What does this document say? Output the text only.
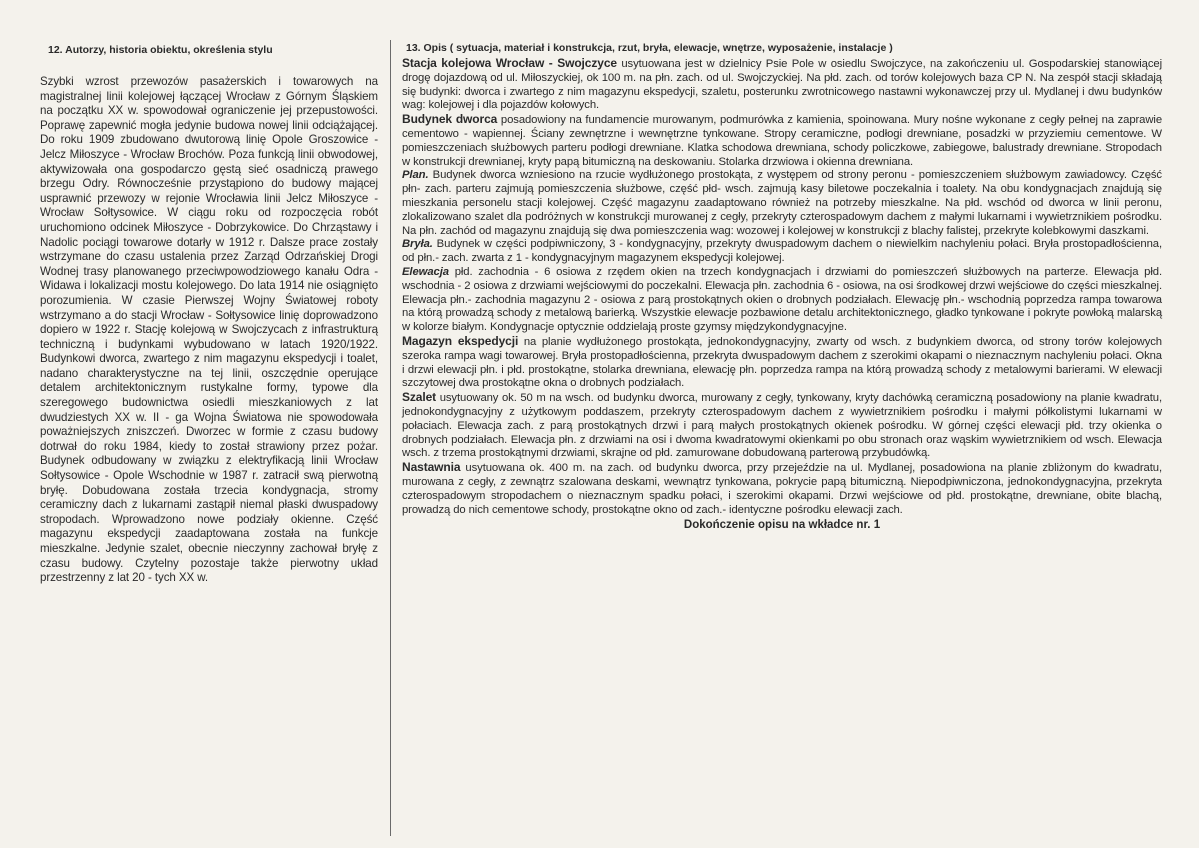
12. Autorzy, historia obiektu, określenia stylu

Szybki wzrost przewozów pasażerskich i towarowych na magistralnej linii kolejowej łączącej Wrocław z Górnym Śląskiem na początku XX w. spowodował ograniczenie jej przepustowości. Poprawę zapewnić mogła jedynie budowa nowej linii odciążającej. Do roku 1909 zbudowano dwutorową linię Opole Groszowice - Jelcz Miłoszyce - Wrocław Brochów. Poza funkcją linii obwodowej, aktywizowała ona gospodarczo gęstą sieć osadniczą prawego brzegu Odry. Równocześnie przystąpiono do budowy mającej usprawnić przewozy w rejonie Wrocławia linii Jelcz Miłoszyce - Wrocław Sołtysowice. W ciągu roku od rozpoczęcia robót uruchomiono odcinek Miłoszyce - Dobrzykowice. Do Chrząstawy i Nadolic pociągi towarowe dotarły w 1912 r. Dalsze prace zostały wstrzymane do czasu ustalenia przez Zarząd Odrzańskiej Drogi Wodnej trasy planowanego przeciwpowodziowego kanału Odra - Widawa i lokalizacji mostu kolejowego. Do lata 1914 nie osiągnięto porozumienia. W czasie Pierwszej Wojny Światowej roboty wstrzymano a do stacji Wrocław - Sołtysowice linię doprowadzono dopiero w 1922 r. Stację kolejową w Swojczycach z infrastrukturą techniczną i budynkami wybudowano w latach 1920/1922. Budynkowi dworca, zwartego z nim magazynu ekspedycji i toalet, nadano charakterystyczne na tej linii, oszczędnie operujące detalem architektonicznym rustykalne formy, typowe dla szeregowego budownictwa osiedli mieszkaniowych z lat dwudziestych XX w. II - ga Wojna Światowa nie spowodowała poważniejszych zniszczeń. Dworzec w formie z czasu budowy dotrwał do roku 1984, kiedy to został strawiony przez pożar. Budynek odbudowany w związku z elektryfikacją linii Wrocław Sołtysowice - Opole Wschodnie w 1987 r. zatracił swą pierwotną bryłę. Dobudowana została trzecia kondygnacja, stromy ceramiczny dach z lukarnami zastąpił niemal płaski dwuspadowy stropodach. Wprowadzono nowe podziały okienne. Część magazynu ekspedycji zaadaptowana została na funkcje mieszkalne. Jedynie szalet, obecnie nieczynny zachował bryłę z czasu budowy. Czytelny pozostaje także pierwotny układ przestrzenny z lat 20 - tych XX w.

13. Opis ( sytuacja, materiał i konstrukcja, rzut, bryła, elewacje, wnętrze, wyposażenie, instalacje )

Stacja kolejowa Wrocław - Swojczyce usytuowana jest w dzielnicy Psie Pole w osiedlu Swojczyce, na zakończeniu ul. Gospodarskiej stanowiącej drogę dojazdową od ul. Miłoszyckiej, ok 100 m. na płn. zach. od ul. Swojczyckiej. Na płd. zach. od torów kolejowych baza CP N. Na zespół stacji składają się budynki: dworca i zwartego z nim magazynu ekspedycji, szaletu, posterunku zwrotnicowego nastawni wykonawczej przy ul. Mydlanej i dwu budynków wag: kolejowej i dla pojazdów kołowych.

Budynek dworca posadowiony na fundamencie murowanym, podmurówka z kamienia, spoinowana. Mury nośne wykonane z cegły pełnej na zaprawie cementowo - wapiennej. Ściany zewnętrzne i wewnętrzne tynkowane. Stropy ceramiczne, podłogi drewniane, posadzki w przyziemiu cementowe. W pomieszczeniach służbowych parteru podłogi drewniane. Klatka schodowa drewniana, schody policzkowe, zabiegowe, balustrady drewniane. Stropodach w konstrukcji drewnianej, kryty papą bitumiczną na deskowaniu. Stolarka drzwiowa i okienna drewniana.

Plan. Budynek dworca wzniesiono na rzucie wydłużonego prostokąta, z występem od strony peronu - pomieszczeniem służbowym zawiadowcy. Część płn- zach. parteru zajmują pomieszczenia służbowe, część płd- wsch. zajmują kasy biletowe poczekalnia i toalety. Na obu kondygnacjach znajdują się mieszkania personelu stacji kolejowej. Część magazynu zaadaptowano również na potrzeby mieszkalne. Na płd. wschód od dworca w linii peronu, zlokalizowano szalet dla podróżnych w konstrukcji murowanej z cegły, przekryty czterospadowym dachem z małymi lukarnami i wywietrznikiem pośrodku. Na płn. zachód od magazynu znajdują się dwa pomieszczenia wag: wozowej i kolejowej w konstrukcji z blachy falistej, przekryte kolebkowymi daszkami.

Bryła. Budynek w części podpiwniczony, 3 - kondygnacyjny, przekryty dwuspadowym dachem o niewielkim nachyleniu połaci. Bryła prostopadłościenna, od płn.- zach. zwarta z 1 - kondygnacyjnym magazynem ekspedycji kolejowej.

Elewacja płd. zachodnia - 6 osiowa z rzędem okien na trzech kondygnacjach i drzwiami do pomieszczeń służbowych na parterze. Elewacja płd. wschodnia - 2 osiowa z drzwiami wejściowymi do poczekalni. Elewacja płn. zachodnia 6 - osiowa, na osi środkowej drzwi wejściowe do części mieszkalnej. Elewacja płn.- zachodnia magazynu 2 - osiowa z parą prostokątnych okien o drobnych podziałach. Elewację płn.- wschodnią poprzedza rampa towarowa na którą prowadzą schody z metalową barierką. Wszystkie elewacje pozbawione detalu architektonicznego, gładko tynkowane i pokryte powłoką malarską w kolorze białym. Kondygnacje optycznie oddzielają proste gzymsy międzykondygnacyjne.

Magazyn ekspedycji na planie wydłużonego prostokąta, jednokondygnacyjny, zwarty od wsch. z budynkiem dworca, od strony torów kolejowych szeroka rampa wagi towarowej. Bryła prostopadłościenna, przekryta dwuspadowym dachem z szerokimi okapami o nieznacznym nachyleniu połaci. Okna i drzwi elewacji płn. i płd. prostokątne, stolarka drewniana, elewację płn. poprzedza rampa na którą prowadzą schody z metalowymi barierami. W elewacji szczytowej dwa prostokątne okna o drobnych podziałach.

Szalet usytuowany ok. 50 m na wsch. od budynku dworca, murowany z cegły, tynkowany, kryty dachówką ceramiczną posadowiony na planie kwadratu, jednokondygnacyjny z użytkowym poddaszem, przekryty czterospadowym dachem z wywietrznikiem pośrodku i małymi półkolistymi lukarnami w połaciach. Elewacja zach. z parą prostokątnych drzwi i parą małych prostokątnych okienek pośrodku. W górnej części elewacji płd. trzy okienka o drobnych podziałach. Elewacja płn. z drzwiami na osi i dwoma kwadratowymi okienkami po obu stronach oraz wąskim wywietrznikiem od wsch. Elewacja wsch. z trzema prostokątnymi drzwiami, skrajne od płd. zamurowane dobudowaną parterową przybudówką.

Nastawnia usytuowana ok. 400 m. na zach. od budynku dworca, przy przejeździe na ul. Mydlanej, posadowiona na planie zbliżonym do kwadratu, murowana z cegły, z zewnątrz szalowana deskami, wewnątrz tynkowana, pokrycie papą bitumiczną. Niepodpiwniczona, jednokondygnacyjna, przekryta czterospadowym stropodachem o nieznacznym spadku połaci, i szerokimi okapami. Drzwi wejściowe od płd. prostokątne, drewniane, obite blachą, prowadzą do nich cementowe schody, prostokątne okno od zach.- identyczne pośrodku elewacji zach.

Dokończenie opisu na wkładce nr. 1
